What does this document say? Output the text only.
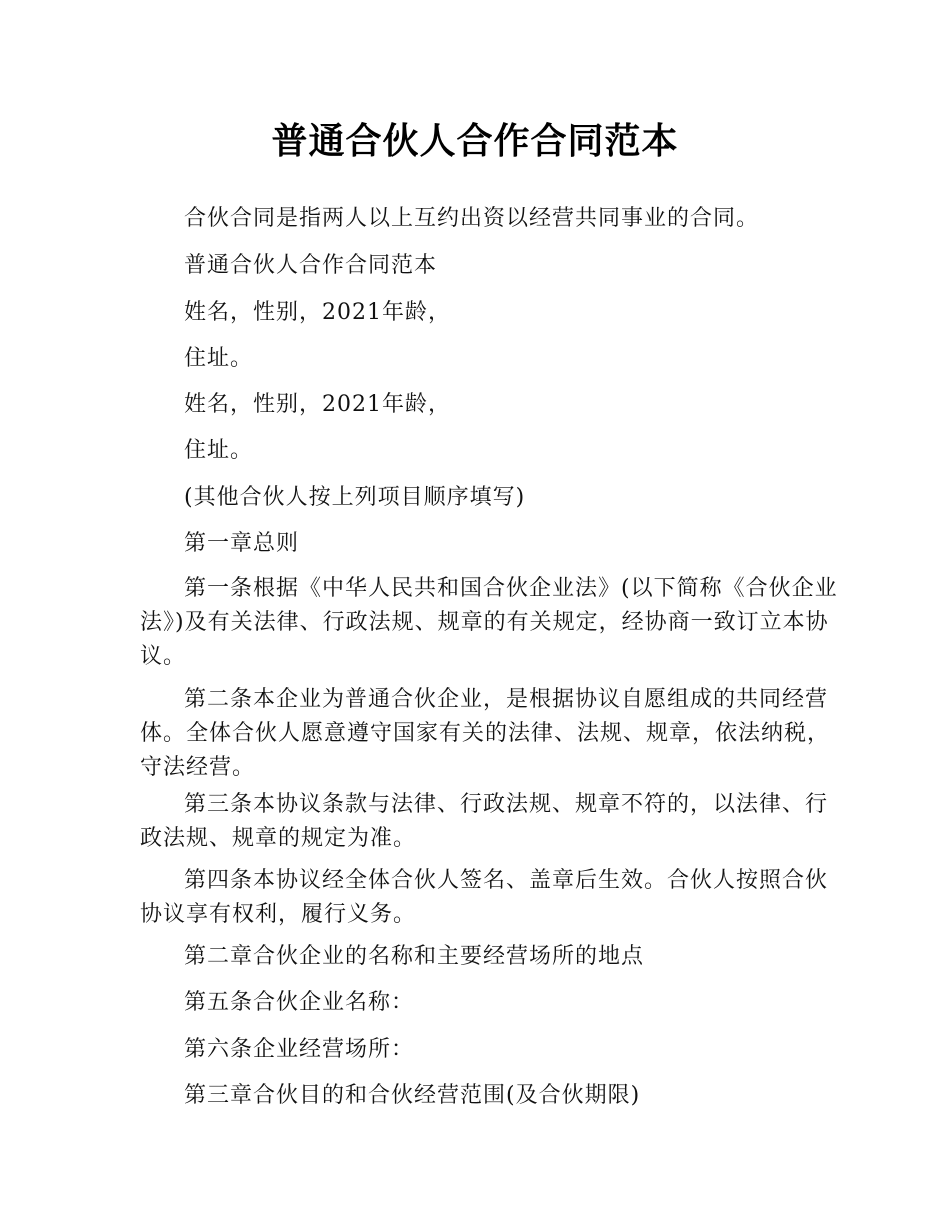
普通合伙人合作合同范本
合伙合同是指两人以上互约出资以经营共同事业的合同。
普通合伙人合作合同范本
姓名，性别，2021年龄，
住址。
姓名，性别，2021年龄，
住址。
(其他合伙人按上列项目顺序填写)
第一章总则
第一条根据《中华人民共和国合伙企业法》(以下简称《合伙企业法》)及有关法律、行政法规、规章的有关规定，经协商一致订立本协议。
第二条本企业为普通合伙企业，是根据协议自愿组成的共同经营体。全体合伙人愿意遵守国家有关的法律、法规、规章，依法纳税，守法经营。
第三条本协议条款与法律、行政法规、规章不符的，以法律、行政法规、规章的规定为准。
第四条本协议经全体合伙人签名、盖章后生效。合伙人按照合伙协议享有权利，履行义务。
第二章合伙企业的名称和主要经营场所的地点
第五条合伙企业名称：
第六条企业经营场所：
第三章合伙目的和合伙经营范围(及合伙期限)
